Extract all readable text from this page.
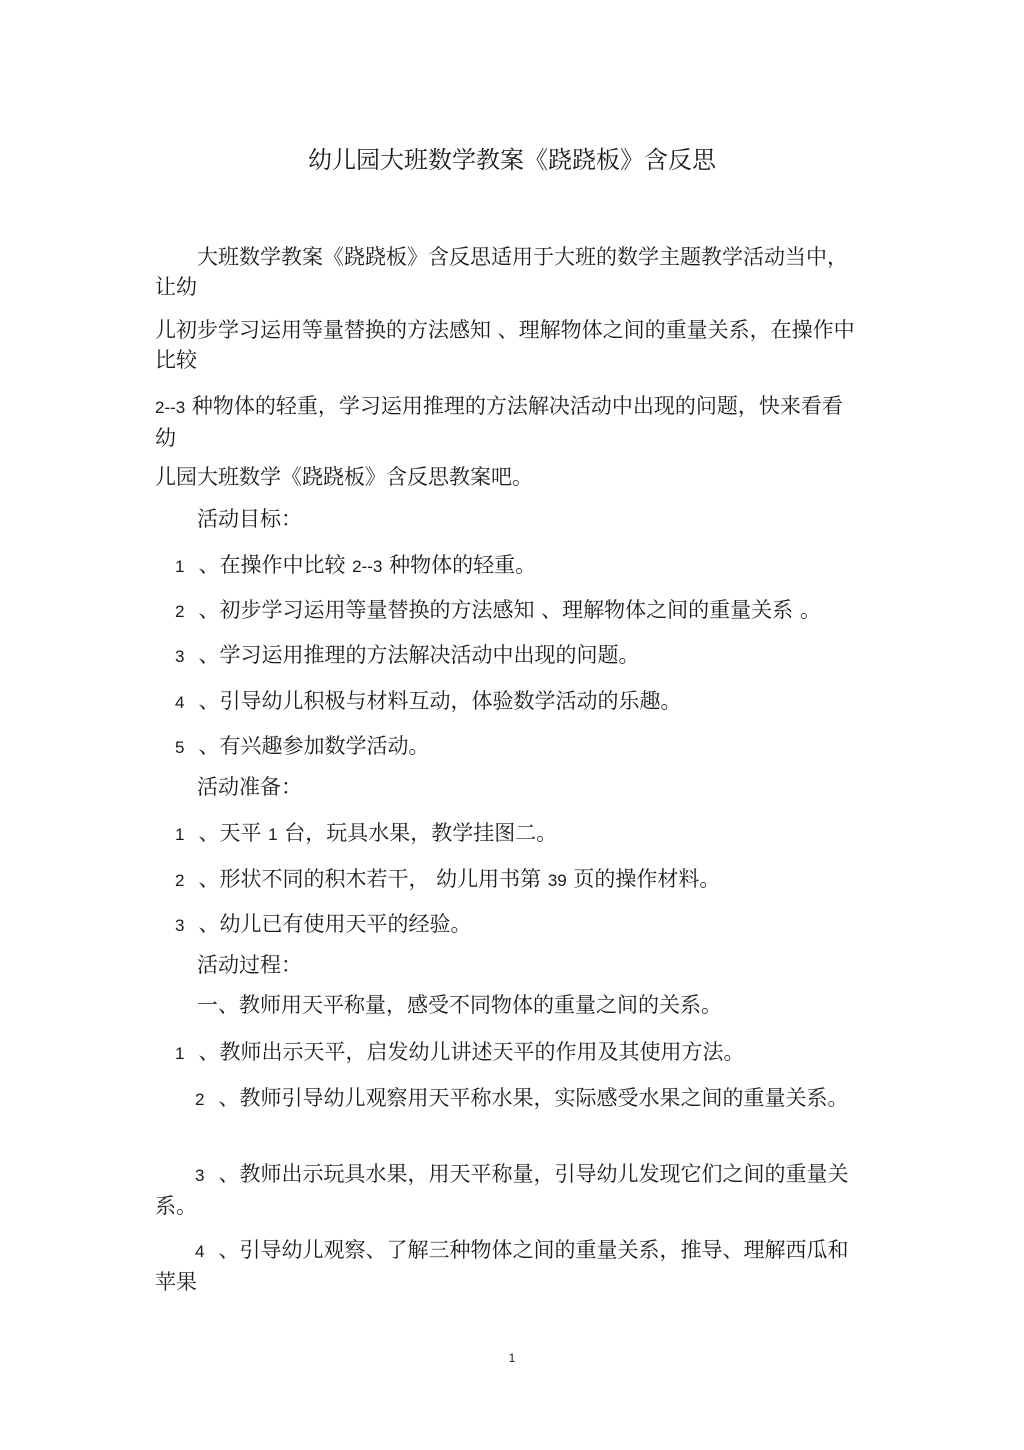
幼儿园大班数学教案《跷跷板》含反思

大班数学教案《跷跷板》含反思适用于大班的数学主题教学活动当中，让幼

儿初步学习运用等量替换的方法感知 、理解物体之间的重量关系，在操作中比较

2--3 种物体的轻重，学习运用推理的方法解决活动中出现的问题，快来看看幼

儿园大班数学《跷跷板》含反思教案吧。

活动目标：
1 、在操作中比较 2--3 种物体的轻重。
2 、初步学习运用等量替换的方法感知 、理解物体之间的重量关系 。
3 、学习运用推理的方法解决活动中出现的问题。
4 、引导幼儿积极与材料互动，体验数学活动的乐趣。
5 、有兴趣参加数学活动。
活动准备：
1 、天平 1 台，玩具水果，教学挂图二。
2 、形状不同的积木若干， 幼儿用书第 39 页的操作材料。
3 、幼儿已有使用天平的经验。
活动过程：
一、教师用天平称量，感受不同物体的重量之间的关系。
1 、教师出示天平，启发幼儿讲述天平的作用及其使用方法。

2 、教师引导幼儿观察用天平称水果，实际感受水果之间的重量关系。

3 、教师出示玩具水果，用天平称量，引导幼儿发现它们之间的重量关系。

4 、引导幼儿观察、了解三种物体之间的重量关系，推导、理解西瓜和苹果

1
